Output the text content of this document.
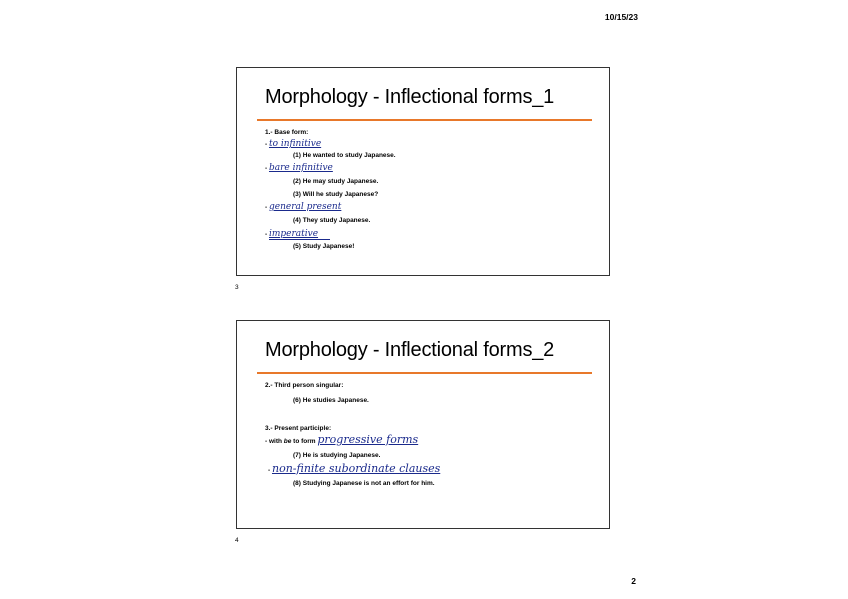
10/15/23
Morphology - Inflectional forms_1
1.- Base form:
- to infinitive
(1) He wanted to study Japanese.
- bare infinitive
(2) He may study Japanese.
(3) Will he study Japanese?
- general present
(4) They study Japanese.
- imperative
(5) Study Japanese!
3
Morphology - Inflectional forms_2
2.- Third person singular:
(6) He studies Japanese.
3.- Present participle:
- with be to form progressive forms
(7) He is studying Japanese.
- non-finite subordinate clauses
(8) Studying Japanese is not an effort for him.
4
2
